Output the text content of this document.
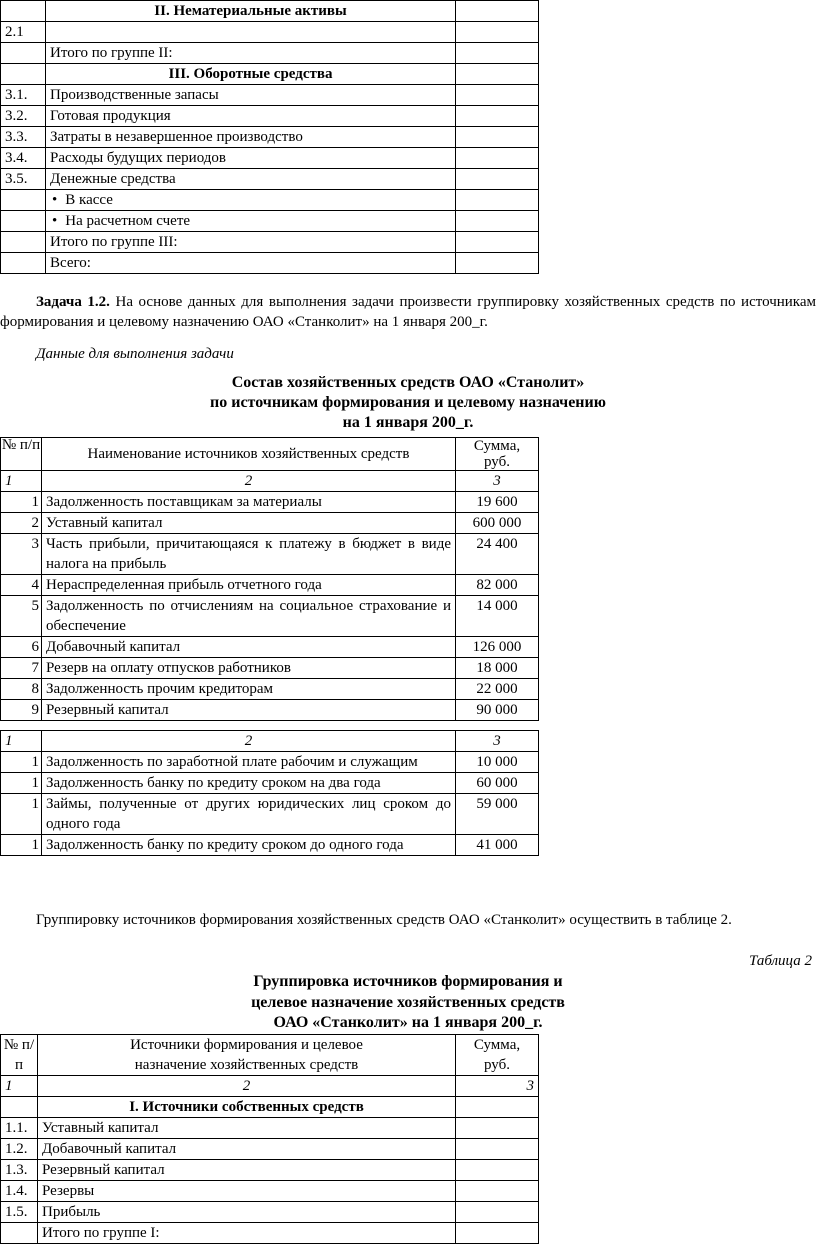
	II. Нематериальные активы	
2.1		
	Итого по группе II:	
	III. Оборотные средства	
3.1.	Производственные запасы	
3.2.	Готовая продукция	
3.3.	Затраты в незавершенное производство	
3.4.	Расходы будущих периодов	
3.5.	Денежные средства	
	• В кассе	
	• На расчетном счете	
	Итого по группе III:	
	Всего:	
Задача 1.2. На основе данных для выполнения задачи произвести группировку хозяйственных средств по источникам формирования и целевому назначению ОАО «Станколит» на 1 января 200_г.
Данные для выполнения задачи
Состав хозяйственных средств ОАО «Станолит»
по источникам формирования и целевому назначению
на 1 января 200_г.
№ п/п	Наименование источников хозяйственных средств	Сумма, руб.
1	2	3
1	Задолженность поставщикам за материалы	19 600
2	Уставный капитал	600 000
3	Часть прибыли, причитающаяся к платежу в бюджет в виде налога на прибыль	24 400
4	Нераспределенная прибыль отчетного года	82 000
5	Задолженность по отчислениям на социальное страхование и обеспечение	14 000
6	Добавочный капитал	126 000
7	Резерв на оплату отпусков работников	18 000
8	Задолженность прочим кредиторам	22 000
9	Резервный капитал	90 000
1	2	3
1	Задолженность по заработной плате рабочим и служащим	10 000
1	Задолженность банку по кредиту сроком на два года	60 000
1	Займы, полученные от других юридических лиц сроком до одного года	59 000
1	Задолженность банку по кредиту сроком до одного года	41 000
Группировку источников формирования хозяйственных средств ОАО «Станколит» осуществить в таблице 2.
Таблица 2
Группировка источников формирования и
целевое назначение хозяйственных средств
ОАО «Станколит» на 1 января 200_г.
№ п/п	Источники формирования и целевое назначение хозяйственных средств	Сумма, руб.
1	2	3
	I. Источники собственных средств	
1.1.	Уставный капитал	
1.2.	Добавочный капитал	
1.3.	Резервный капитал	
1.4.	Резервы	
1.5.	Прибыль	
	Итого по группе I:	
